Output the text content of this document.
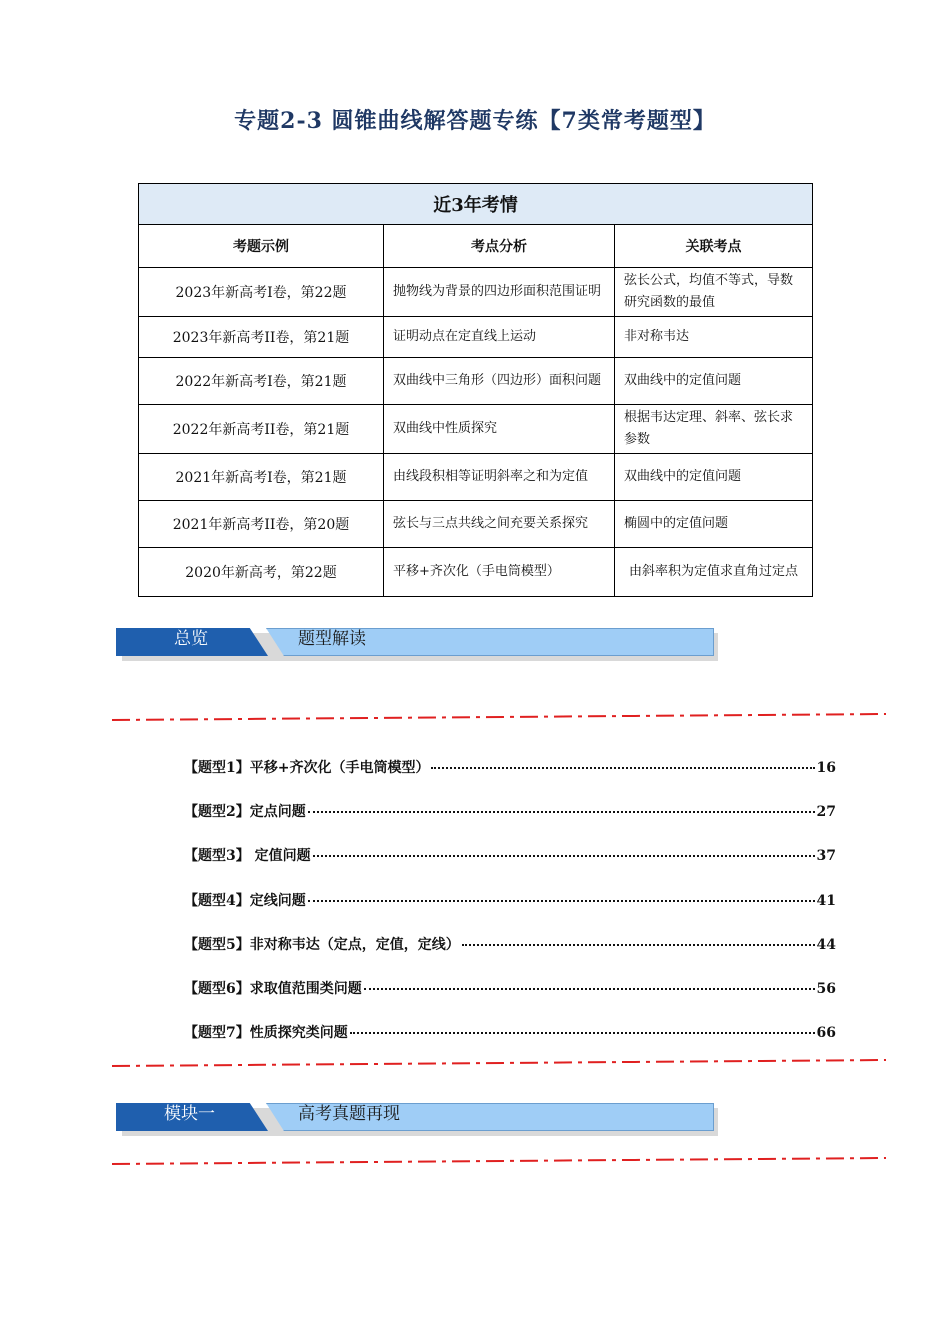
专题2-3 圆锥曲线解答题专练【7类常考题型】
近3年考情		
考题示例	考点分析	关联考点
2023年新高考I卷，第22题	抛物线为背景的四边形面积范围证明	弦长公式，均值不等式，导数研究函数的最值
2023年新高考II卷，第21题	证明动点在定直线上运动	非对称韦达
2022年新高考I卷，第21题	双曲线中三角形（四边形）面积问题	双曲线中的定值问题
2022年新高考II卷，第21题	双曲线中性质探究	根据韦达定理、斜率、弦长求参数
2021年新高考I卷，第21题	由线段积相等证明斜率之和为定值	双曲线中的定值问题
2021年新高考II卷，第20题	弦长与三点共线之间充要关系探究	椭圆中的定值问题
2020年新高考，第22题	平移+齐次化（手电筒模型）	由斜率积为定值求直角过定点
总览	题型解读
【题型1】平移+齐次化（手电筒模型）	16
【题型2】定点问题	27
【题型3】 定值问题	37
【题型4】定线问题	41
【题型5】非对称韦达（定点，定值，定线）	44
【题型6】求取值范围类问题	56
【题型7】性质探究类问题	66
模块一	高考真题再现
